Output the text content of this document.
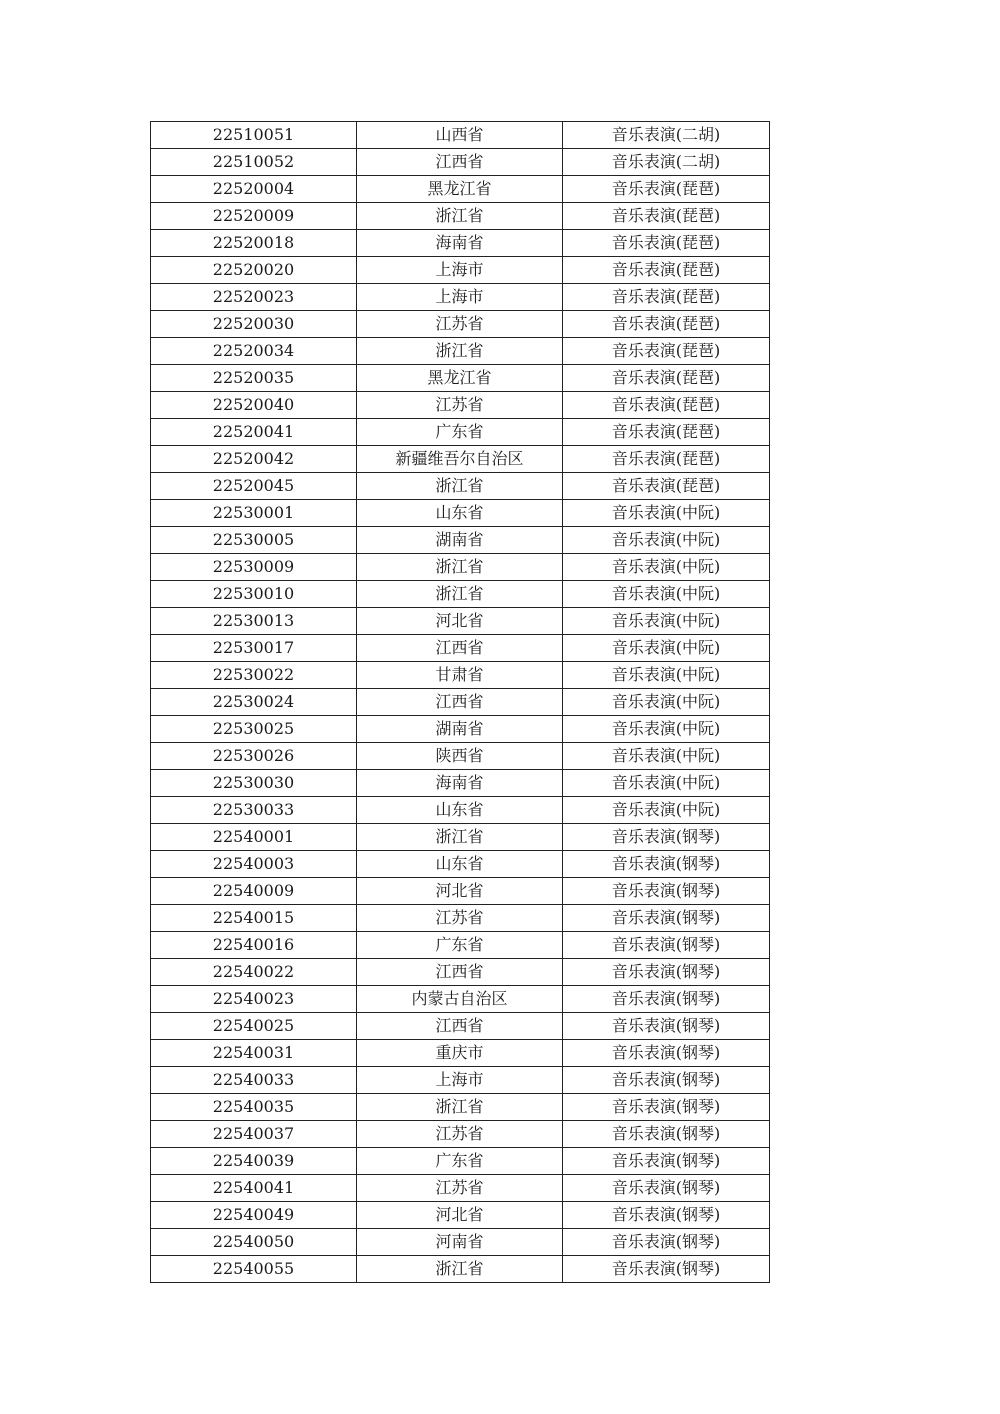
22510051	山西省	音乐表演(二胡)
22510052	江西省	音乐表演(二胡)
22520004	黑龙江省	音乐表演(琵琶)
22520009	浙江省	音乐表演(琵琶)
22520018	海南省	音乐表演(琵琶)
22520020	上海市	音乐表演(琵琶)
22520023	上海市	音乐表演(琵琶)
22520030	江苏省	音乐表演(琵琶)
22520034	浙江省	音乐表演(琵琶)
22520035	黑龙江省	音乐表演(琵琶)
22520040	江苏省	音乐表演(琵琶)
22520041	广东省	音乐表演(琵琶)
22520042	新疆维吾尔自治区	音乐表演(琵琶)
22520045	浙江省	音乐表演(琵琶)
22530001	山东省	音乐表演(中阮)
22530005	湖南省	音乐表演(中阮)
22530009	浙江省	音乐表演(中阮)
22530010	浙江省	音乐表演(中阮)
22530013	河北省	音乐表演(中阮)
22530017	江西省	音乐表演(中阮)
22530022	甘肃省	音乐表演(中阮)
22530024	江西省	音乐表演(中阮)
22530025	湖南省	音乐表演(中阮)
22530026	陕西省	音乐表演(中阮)
22530030	海南省	音乐表演(中阮)
22530033	山东省	音乐表演(中阮)
22540001	浙江省	音乐表演(钢琴)
22540003	山东省	音乐表演(钢琴)
22540009	河北省	音乐表演(钢琴)
22540015	江苏省	音乐表演(钢琴)
22540016	广东省	音乐表演(钢琴)
22540022	江西省	音乐表演(钢琴)
22540023	内蒙古自治区	音乐表演(钢琴)
22540025	江西省	音乐表演(钢琴)
22540031	重庆市	音乐表演(钢琴)
22540033	上海市	音乐表演(钢琴)
22540035	浙江省	音乐表演(钢琴)
22540037	江苏省	音乐表演(钢琴)
22540039	广东省	音乐表演(钢琴)
22540041	江苏省	音乐表演(钢琴)
22540049	河北省	音乐表演(钢琴)
22540050	河南省	音乐表演(钢琴)
22540055	浙江省	音乐表演(钢琴)
